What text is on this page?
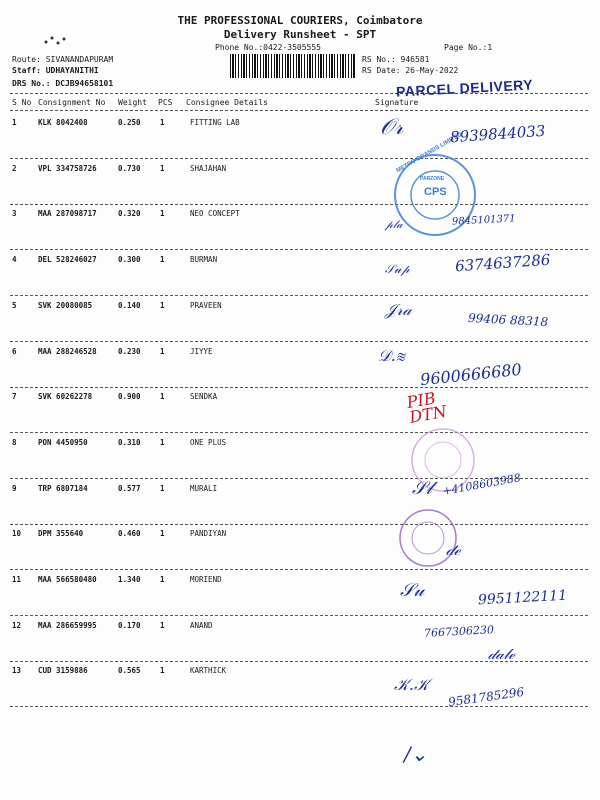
THE PROFESSIONAL COURIERS, Coimbatore
Delivery Runsheet - SPT
Phone No.:0422-3505555	Page No.:1
Route: SIVANANDAPURAM
Staff: UDHAYANITHI
DRS No.: DCJB94658101
RS No.: 946581
RS Date: 26-May-2022
S No Consignment No Weight PCS Consignee Details	Signature
1	KLK 8042408	0.250	1	FITTING LAB
2	VPL 334758726	0.730	1	SHAJAHAN
3	MAA 287098717	0.320	1	NEO CONCEPT
4	DEL 528246027	0.300	1	BURMAN
5	SVK 20080085	0.140	1	PRAVEEN
6	MAA 288246528	0.230	1	JIYYE
7	SVK 60262278	0.900	1	SENDKA
8	PON 4450950	0.310	1	ONE PLUS
9	TRP 6807184	0.577	1	MURALI
10 DPM 355640	0.460	1	PANDIYAN
11 MAA 566580480	1.340	1	MORIEND
12 MAA 286659995	0.170	1	ANAND
13 CUD 3159886	0.565	1	KARTHICK
PARCEL DELIVERY
CPS
PARZONE
METRO BRANDS LIMITED
PIB DTN
𝒪𝓇	8939844033
9845101371
𝓅𝓁𝒶
𝒮𝓊𝓅	6374637286
𝒥𝓇𝒶
99406 88318
𝒟.≋
9600666680
+4108603988
𝒮𝓁
𝒹ℯ
𝒮𝓊	9951122111
7667306230
𝒹𝒶𝓁ℯ
𝒦.𝒦
9581785296
/⌄
